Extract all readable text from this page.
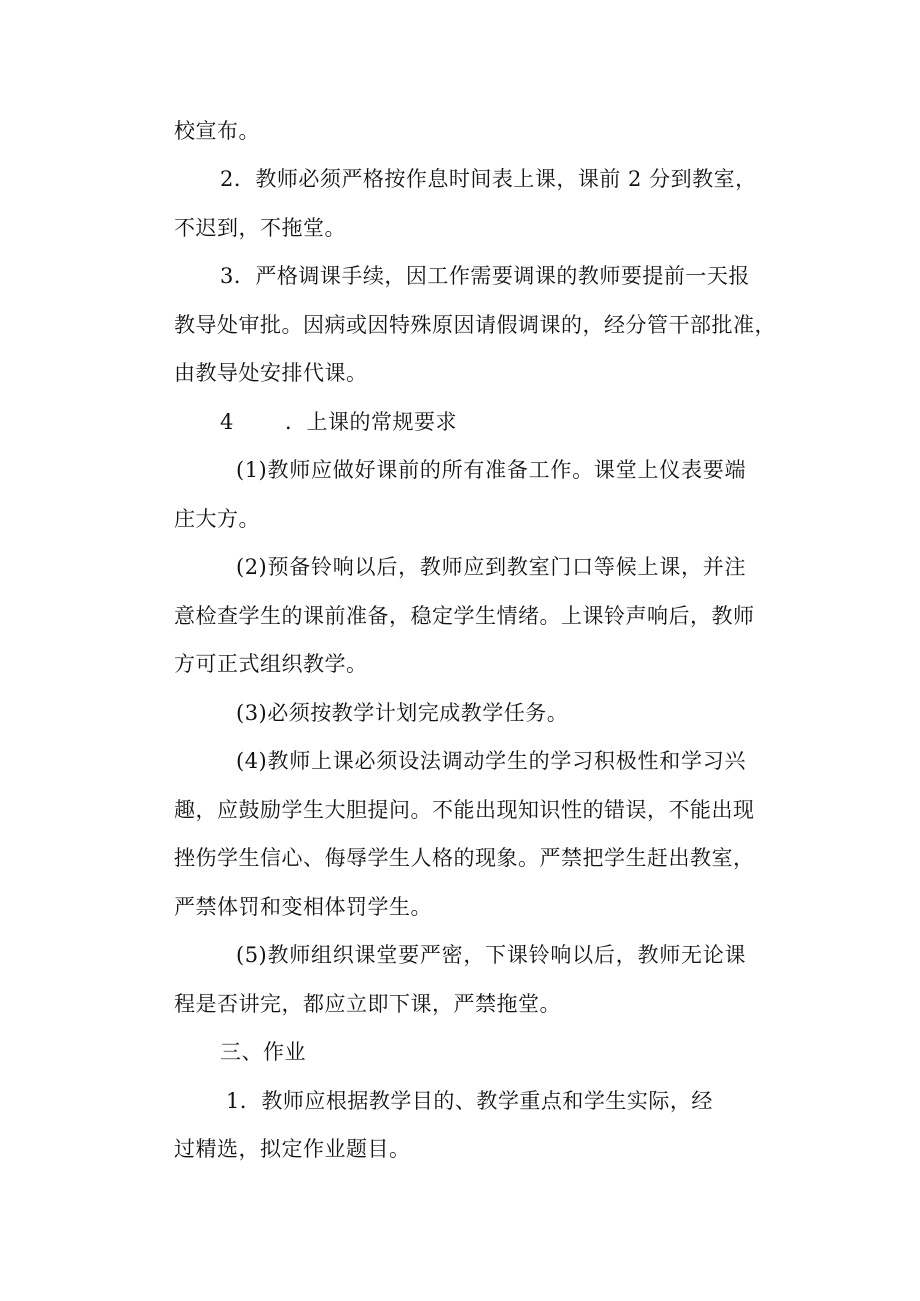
校宣布。
2．教师必须严格按作息时间表上课，课前 2 分到教室，
不迟到，不拖堂。
3．严格调课手续，因工作需要调课的教师要提前一天报
教导处审批。因病或因特殊原因请假调课的，经分管干部批准，
由教导处安排代课。
4 ．上课的常规要求
(1)教师应做好课前的所有准备工作。课堂上仪表要端
庄大方。
(2)预备铃响以后，教师应到教室门口等候上课，并注
意检查学生的课前准备，稳定学生情绪。上课铃声响后，教师
方可正式组织教学。
(3)必须按教学计划完成教学任务。
(4)教师上课必须设法调动学生的学习积极性和学习兴
趣，应鼓励学生大胆提问。不能出现知识性的错误，不能出现
挫伤学生信心、侮辱学生人格的现象。严禁把学生赶出教室，
严禁体罚和变相体罚学生。
(5)教师组织课堂要严密，下课铃响以后，教师无论课
程是否讲完，都应立即下课，严禁拖堂。
三、作业
1．教师应根据教学目的、教学重点和学生实际，经
过精选，拟定作业题目。
